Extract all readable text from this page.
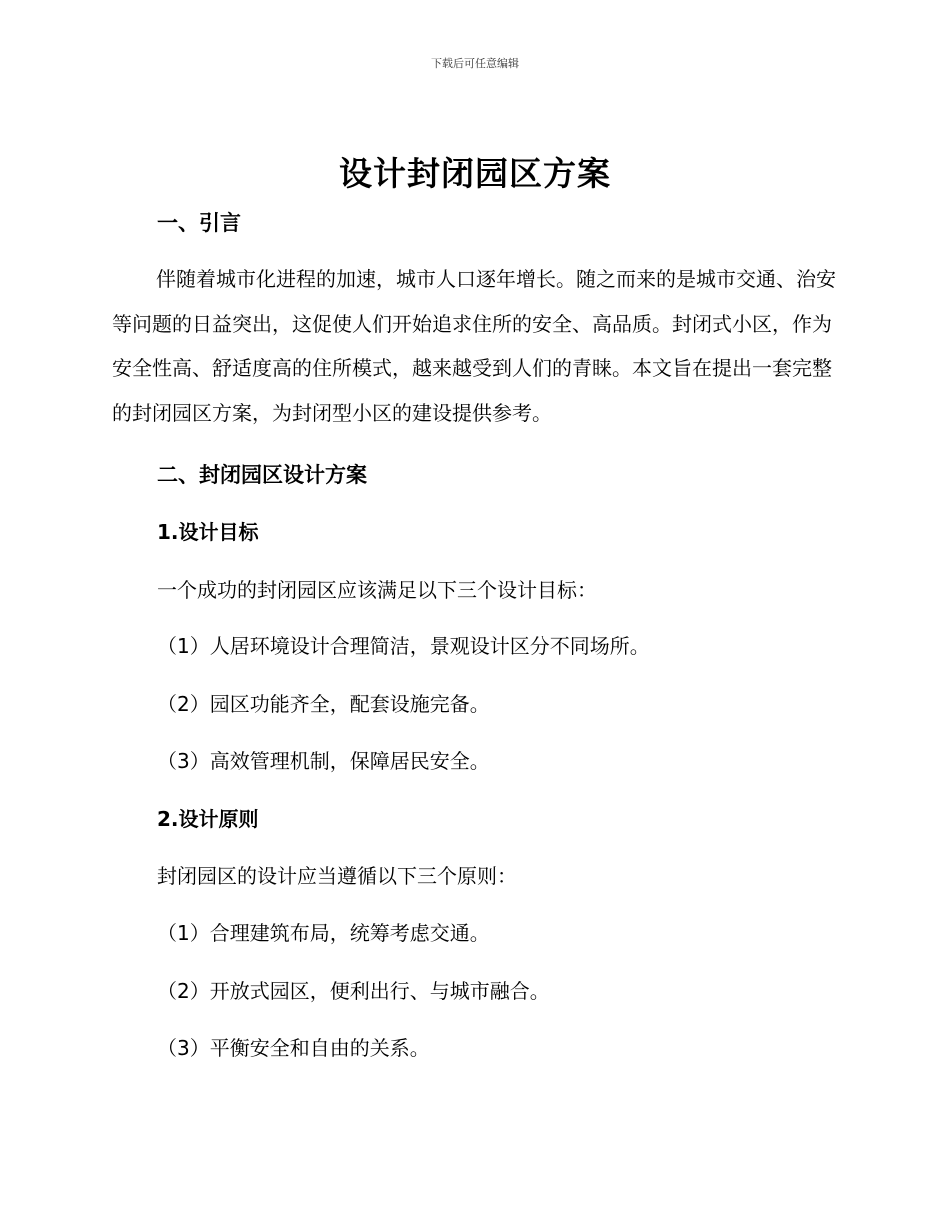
下载后可任意编辑
设计封闭园区方案
一、引言

伴随着城市化进程的加速，城市人口逐年增长。随之而来的是城市交通、治安等问题的日益突出，这促使人们开始追求住所的安全、高品质。封闭式小区，作为安全性高、舒适度高的住所模式，越来越受到人们的青睐。本文旨在提出一套完整的封闭园区方案，为封闭型小区的建设提供参考。

二、封闭园区设计方案
1.设计目标
一个成功的封闭园区应该满足以下三个设计目标：
（1）人居环境设计合理简洁，景观设计区分不同场所。
（2）园区功能齐全，配套设施完备。
（3）高效管理机制，保障居民安全。
2.设计原则
封闭园区的设计应当遵循以下三个原则：
（1）合理建筑布局，统筹考虑交通。
（2）开放式园区，便利出行、与城市融合。
（3）平衡安全和自由的关系。
